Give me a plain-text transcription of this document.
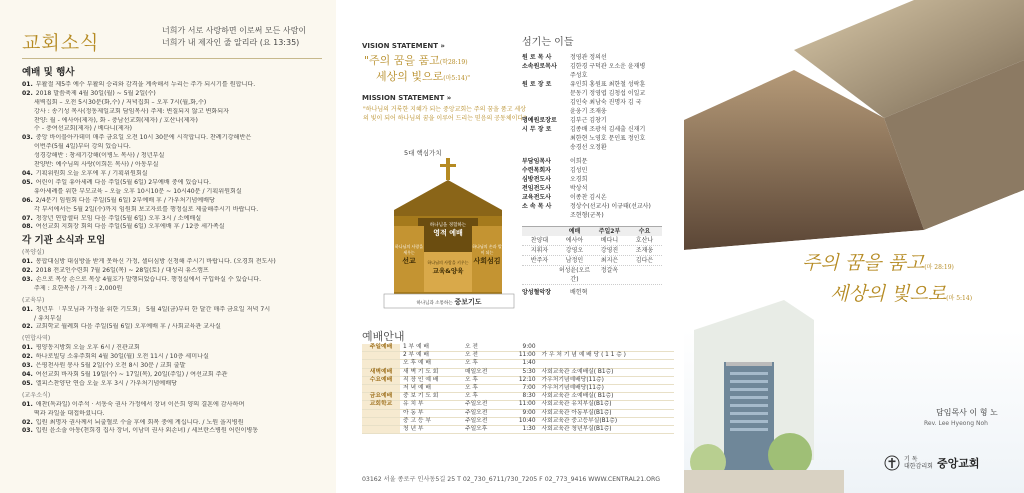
교회소식
너희가 서로 사랑하면 이로써 모든 사람이
너희가 내 제자인 줄 알리라 (요 13:35)
예배 및 행사
01. 부활절 제5주 예수 부활의 승리와 감격을 계속해서 누리는 주가 되시기를 원합니다.
02. 2018 말씀축제 4월 30일(월) ~ 5월 2일(수)
새벽집회 – 오전 5시30분(화,수) / 저녁집회 – 오후 7시(월,화,수)
강사 : 송기성 목사(정동제일교회 담임목사) 주제: 변질되지 않고 변화되자
찬양: 월 - 에사아(제자), 화 - 충남선교회(제자) / 호산나(제자)
수 - 충여선교회(제자) / 베다니(제자)
03. 중앙 바이블아카데미 매주 금요일 오전 10시 30분에 시작합니다. 찬례기강해반은
이번주(5월 4일)부터 강의 있습니다.
성경강해반 : 창세기강해(이병노 목사) / 청년부실
찬양반: 예수님의 사랑(이희돈 목사) / 아동부실
04. 기획위원회 오늘 오후에 후 / 기획위원회실
05. 어린이 주일 유아세례 다음 주일(5월 6일) 2부예배 중에 있습니다.
유아세례를 위한 부모교육 – 오늘 오후 10시10분 ~ 10시40분 / 기획위원회실
06. 2/4분기 임원회 다음 주일(5월 6일) 2부예배 후 / 가우처기념예배당
각 부서에서는 5월 2일(수)까지 임원회 보고자료를 행정실로 제출해주시기 바랍니다.
07. 청장년 연합셀터 모임 다음 주일(5월 6일) 오후 3시 / 소예배실
08. 여선교회 지회장 회의 다음 주일(5월 6일) 오후에배 후 / 12층 세가족실
각 기관 소식과 모임
(목양실)
01. 봉합대심방 대심방을 받게 못하신 가정, 셀터심방 신청해 주시기 바랍니다. (오경희 전도사)
02. 2018 전교인수련회 7월 26일(목) ~ 28일(토) / 대성리 유스캠프
03. 손으로 목상 손으로 목상 4월호가 발행되었습니다. 행정실에서 구입하실 수 있습니다.
주제 : 요한복음 / 가격 : 2,000원
(교육부)
01. 청년부 「부모님과 가정을 위한 기도회」 5월 4일(금)부터 한 달간 매주 금요일 저녁 7시
/ 유치부실
02. 교회학교 월례회 다음 주일(5월 6일) 오후예배 후 / 사회교육관 교사실
(연합사역)
01. 평양동지방회 오늘 오후 6시 / 진관교회
02. 하나로빌딩 소유주회의 4월 30일(월) 오전 11시 / 10층 세미나실
03. 은평천사원 봉사 5월 2일(수) 오전 8시 30분 / 교회 출발
04. 여선교회 바자회 5월 19일(수) ~ 17일(목), 20일(주일) / 여선교회 주관
05. 엘피스찬양단 연습 오늘 오후 3시 / 가우처기념예배당
(교우소식)
01. 애찬(독과일) 이주석 · 서동숙 권사 가정에서 장녀 이은희 양의 결혼에 감사하며
떡과 과일을 대접하셨니다.
02. 입원 최명자 권사께서 뇌출혈로 수술 후에 회복 중에 계십니다. / 노원 을지병원
03. 입원 윤소솔 아동(천희경 집사 장녀, 이남미 권사 외손녀) / 세브란스병원 어린이병동
VISION STATEMENT »
"주의 꿈을 품고(학28:19)
세상의 빛으로(마5:14)"
MISSION STATEMENT »
"하나님의 거룩한 지혜가 되는 중앙교회는 주의 꿈을 품고 세상의 빛이 되어 하나님의 꿈을 이루어 드리는 믿음의 공동체이다"
5대 핵심가치
하나님을 경험하는
영적 예배
하나님의 사랑을 세우는
선교	하나님의 사람을 키우는
교육&양육
하나님의 손과 발이 되는
사회섬김
하나님과 소통하는 중보기도
섬기는 이들
원 로 목 사	정영관 정의선
소속원로목사	김한경 구덕관 오소운 윤재병
주성호
원 로 장 로	유인희 홍원표 최한철 성락훈
문동기 정영엽 김청섭 이일교
김인숙 최남숙 진명자 김 국
윤웅기 조재웅
명예원로장로	김부근 김창기
시 무 장 로	김종배 조광석 김세출 신재기
최한현 노영호 문인표 정인호
송경선 오정환
부담임목사	이희문
수련목회자	김성민
심방전도사	오경희
전임전도사	박상석
교육전도사	이종찬 김시온
소 속 목 사	정상수(선교사) 이규태(선교사)
조현형(군목)
예배	주일2부	수요
찬양대	에사아	베다니	호산나
지휘자	강영오	강영진	조재웅
반주자	남정인	최지은	김다은
허성윤(오르간)
정갈옥
앙성혈악장	배헌혁
예배안내
주일예배	1 부 예 배	오 전	9:00	
	2 부 예 배	오 전	11:00	가 우 처 기 념 예 배 당 ( 1 1 층 )
	오 후 예 배	오 후	1:40	
새벽예배	새 벽 기 도 회	매일오전	5:30	사회교육관 소예배실( B1층)
수요예배	직 장 인 예 배	오 후	12:10	가우처기념예배당(11층)
	저 녁 예 배	오 후	7:00	가우처기념예배당(11층)
금요예배	중 보 기 도 회	오 후	8:30	사회교육관 소예배실( B1층)
교회학교	유 치 부	주일오전	11:00	사회교육관 유치부실(B1층)
	아 동 부	주일오전	9:00	사회교육관 아동부실(B1층)
	중 고 등 부	주일오전	10:40	사회교육관 중고등부실(B1층)
	청 년 부	주일오후	1:30	사회교육관 청년부실(B1층)
03162 서울 종로구 인사동5길 25 T 02_730_6711/730_7205 F 02_773_9416 WWW.CENTRAL21.ORG
주의 꿈을 품고(마 28:19)
세상의 빛으로(마 5:14)
담임목사 이 형 노
Rev. Lee Hyeong Noh
기 독
대한감리회 중앙교회
